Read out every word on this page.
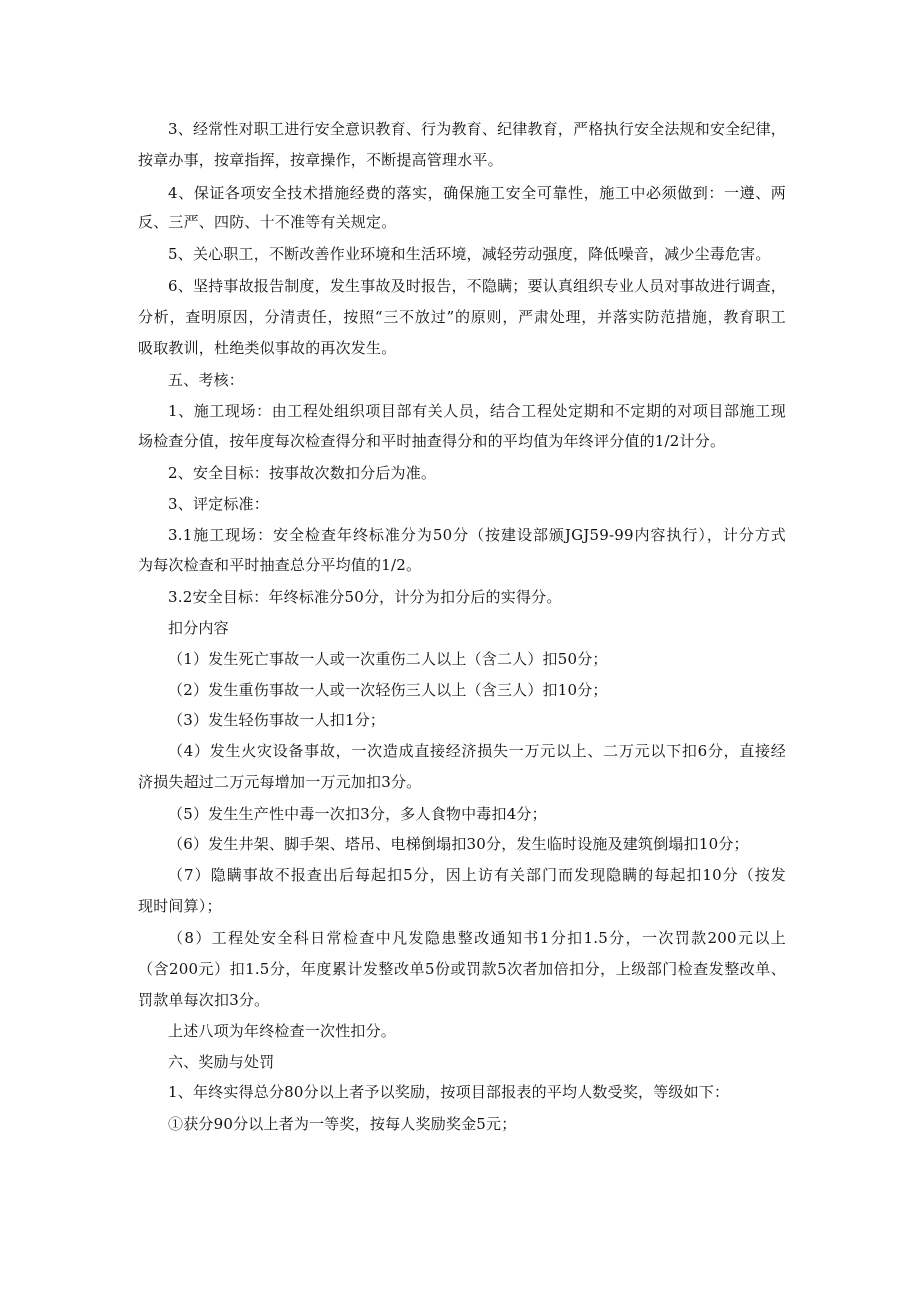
3、经常性对职工进行安全意识教育、行为教育、纪律教育，严格执行安全法规和安全纪律，
按章办事，按章指挥，按章操作，不断提高管理水平。
4、保证各项安全技术措施经费的落实，确保施工安全可靠性，施工中必须做到：一遵、两
反、三严、四防、十不准等有关规定。
5、关心职工，不断改善作业环境和生活环境，减轻劳动强度，降低噪音，减少尘毒危害。
6、坚持事故报告制度，发生事故及时报告，不隐瞒；要认真组织专业人员对事故进行调查，
分析，查明原因，分清责任，按照“三不放过”的原则，严肃处理，并落实防范措施，教育职工
吸取教训，杜绝类似事故的再次发生。
五、考核：
1、施工现场：由工程处组织项目部有关人员，结合工程处定期和不定期的对项目部施工现
场检查分值，按年度每次检查得分和平时抽查得分和的平均值为年终评分值的1/2计分。
2、安全目标：按事故次数扣分后为准。
3、评定标准：
3.1施工现场：安全检查年终标准分为50分（按建设部颁JGJ59-99内容执行），计分方式
为每次检查和平时抽查总分平均值的1/2。
3.2安全目标：年终标准分50分，计分为扣分后的实得分。
扣分内容
（1）发生死亡事故一人或一次重伤二人以上（含二人）扣50分；
（2）发生重伤事故一人或一次轻伤三人以上（含三人）扣10分；
（3）发生轻伤事故一人扣1分；
（4）发生火灾设备事故，一次造成直接经济损失一万元以上、二万元以下扣6分，直接经
济损失超过二万元每增加一万元加扣3分。
（5）发生生产性中毒一次扣3分，多人食物中毒扣4分；
（6）发生井架、脚手架、塔吊、电梯倒塌扣30分，发生临时设施及建筑倒塌扣10分；
（7）隐瞒事故不报查出后每起扣5分，因上访有关部门而发现隐瞒的每起扣10分（按发
现时间算）；
（8）工程处安全科日常检查中凡发隐患整改通知书1分扣1.5分，一次罚款200元以上
（含200元）扣1.5分，年度累计发整改单5份或罚款5次者加倍扣分，上级部门检查发整改单、
罚款单每次扣3分。
上述八项为年终检查一次性扣分。
六、奖励与处罚
1、年终实得总分80分以上者予以奖励，按项目部报表的平均人数受奖，等级如下：
①获分90分以上者为一等奖，按每人奖励奖金5元；
